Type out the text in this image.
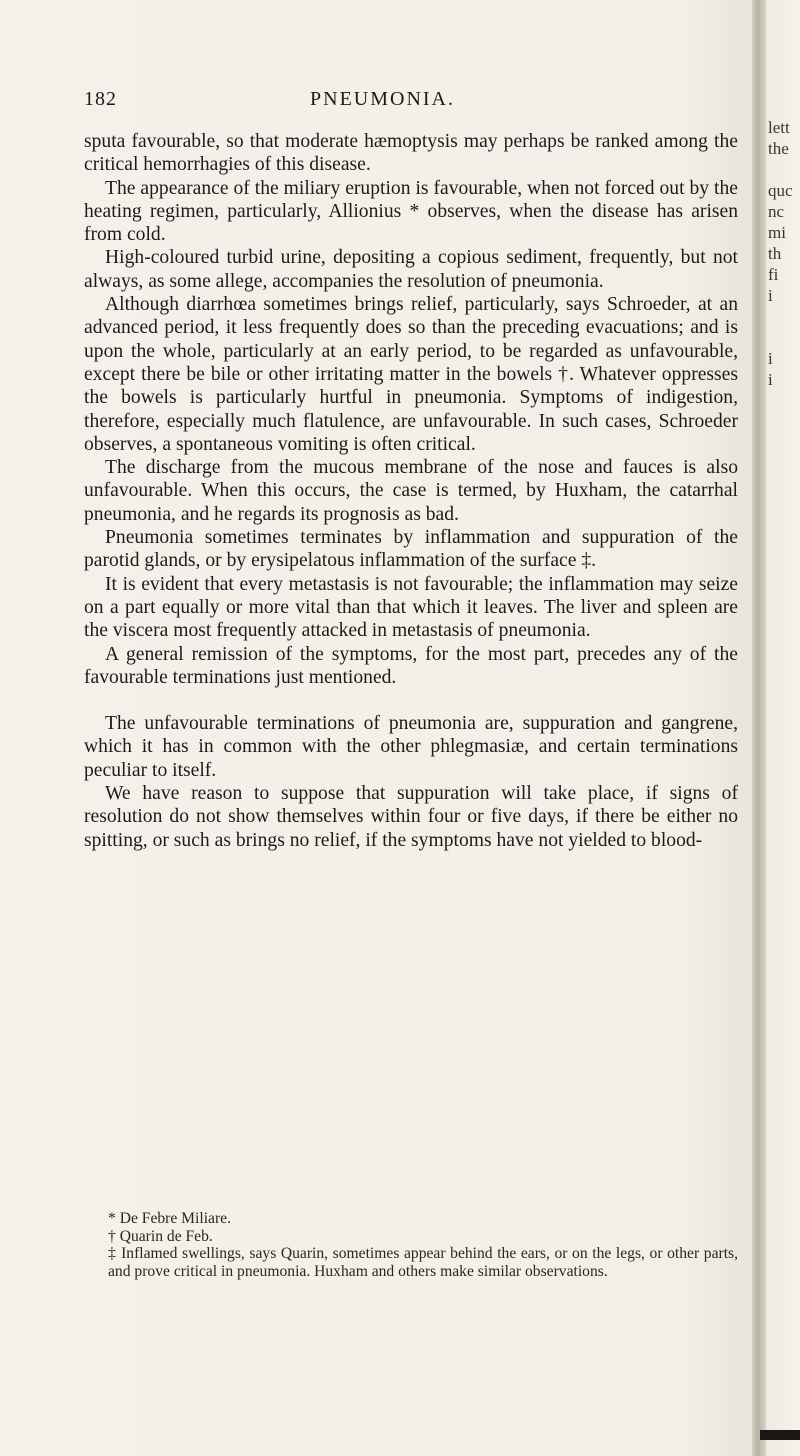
182	PNEUMONIA.

sputa favourable, so that moderate hæmoptysis may perhaps be ranked among the critical hemorrhagies of this disease.

The appearance of the miliary eruption is favourable, when not forced out by the heating regimen, particularly, Allionius * observes, when the disease has arisen from cold.

High-coloured turbid urine, depositing a copious sediment, frequently, but not always, as some allege, accompanies the resolution of pneumonia.

Although diarrhœa sometimes brings relief, particularly, says Schroeder, at an advanced period, it less frequently does so than the preceding evacuations; and is upon the whole, particularly at an early period, to be regarded as unfavourable, except there be bile or other irritating matter in the bowels †. Whatever oppresses the bowels is particularly hurtful in pneumonia. Symptoms of indigestion, therefore, especially much flatulence, are unfavourable. In such cases, Schroeder observes, a spontaneous vomiting is often critical.

The discharge from the mucous membrane of the nose and fauces is also unfavourable. When this occurs, the case is termed, by Huxham, the catarrhal pneumonia, and he regards its prognosis as bad.

Pneumonia sometimes terminates by inflammation and suppuration of the parotid glands, or by erysipelatous inflammation of the surface ‡.

It is evident that every metastasis is not favourable; the inflammation may seize on a part equally or more vital than that which it leaves. The liver and spleen are the viscera most frequently attacked in metastasis of pneumonia.

A general remission of the symptoms, for the most part, precedes any of the favourable terminations just mentioned.

The unfavourable terminations of pneumonia are, suppuration and gangrene, which it has in common with the other phlegmasiæ, and certain terminations peculiar to itself.

We have reason to suppose that suppuration will take place, if signs of resolution do not show themselves within four or five days, if there be either no spitting, or such as brings no relief, if the symptoms have not yielded to blood-

* De Febre Miliare.

† Quarin de Feb.

‡ Inflamed swellings, says Quarin, sometimes appear behind the ears, or on the legs, or other parts, and prove critical in pneumonia. Huxham and others make similar observations.

lett
the
quc
nc
mi
th
fi
i
i
i
